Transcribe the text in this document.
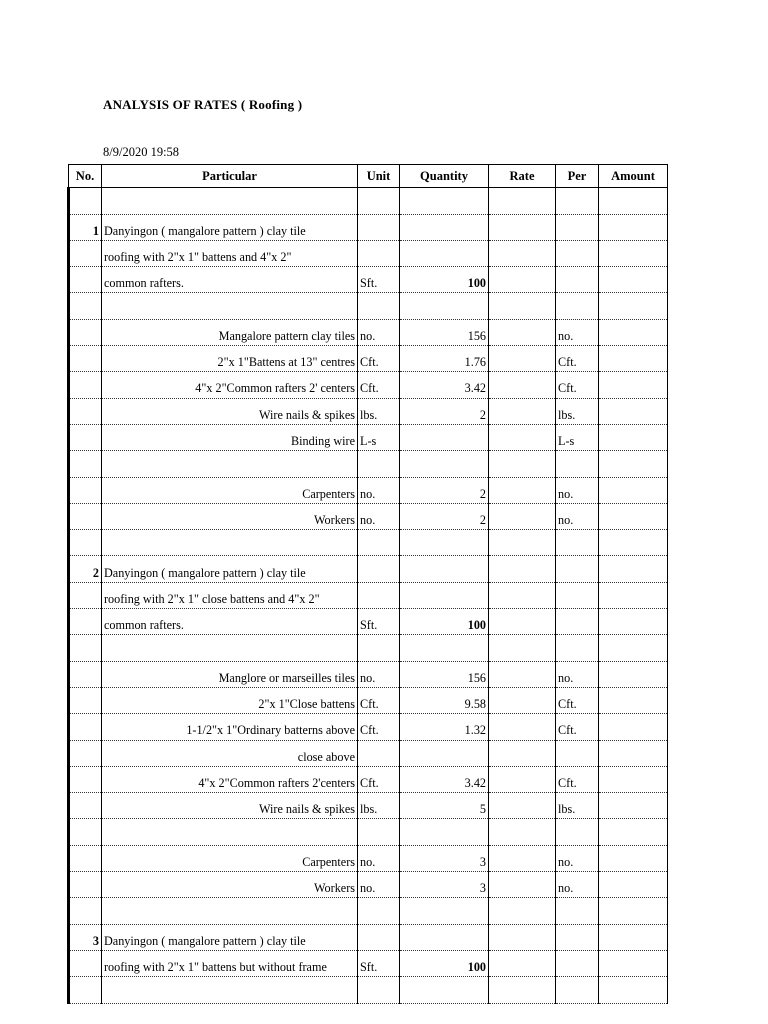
ANALYSIS OF RATES ( Roofing )
8/9/2020 19:58
No.	Particular	Unit	Quantity	Rate	Per	Amount

1	Danyingon ( mangalore pattern ) clay tile					
	roofing with 2"x 1" battens and 4"x 2"					
	common rafters.	Sft.	100			

	Mangalore pattern clay tiles	no.	156		no.	
	2"x 1"Battens at 13" centres	Cft.	1.76		Cft.	
	4"x 2"Common rafters 2' centers	Cft.	3.42		Cft.	
	Wire nails & spikes	lbs.	2		lbs.	
	Binding wire	L-s			L-s	

	Carpenters	no.	2		no.	
	Workers	no.	2		no.	

2	Danyingon ( mangalore pattern ) clay tile					
	roofing with 2"x 1" close battens and 4"x 2"					
	common rafters.	Sft.	100			

	Manglore or marseilles tiles	no.	156		no.	
	2"x 1"Close battens	Cft.	9.58		Cft.	
	1-1/2"x 1"Ordinary batterns above	Cft.	1.32		Cft.	
	close above					
	4"x 2"Common rafters 2'centers	Cft.	3.42		Cft.	
	Wire nails & spikes	lbs.	5		lbs.	

	Carpenters	no.	3		no.	
	Workers	no.	3		no.	

3	Danyingon ( mangalore pattern ) clay tile					
	roofing with 2"x 1" battens but without frame	Sft.	100			
